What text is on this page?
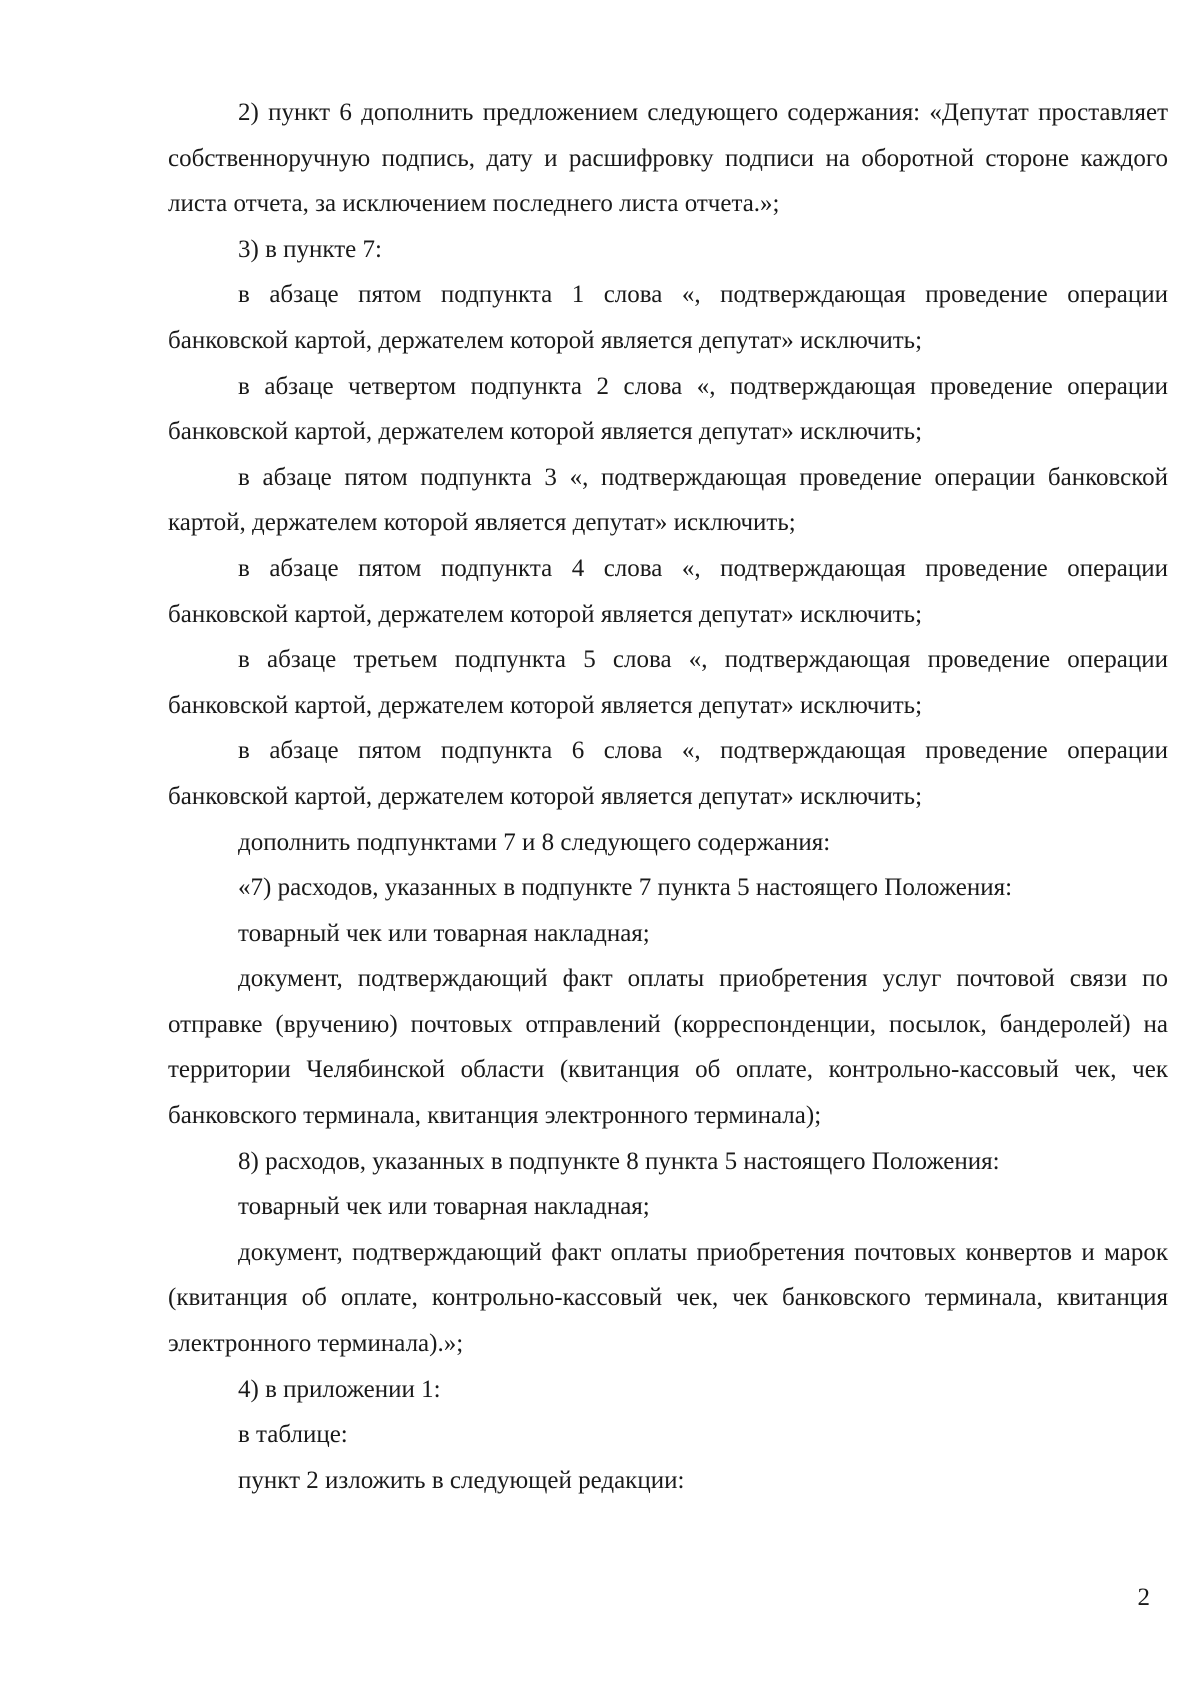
2) пункт 6 дополнить предложением следующего содержания: «Депутат проставляет собственноручную подпись, дату и расшифровку подписи на оборотной стороне каждого листа отчета, за исключением последнего листа отчета.»;

3) в пункте 7:

в абзаце пятом подпункта 1 слова «, подтверждающая проведение операции банковской картой, держателем которой является депутат» исключить;

в абзаце четвертом подпункта 2 слова «, подтверждающая проведение операции банковской картой, держателем которой является депутат» исключить;

в абзаце пятом подпункта 3 «, подтверждающая проведение операции банковской картой, держателем которой является депутат» исключить;

в абзаце пятом подпункта 4 слова «, подтверждающая проведение операции банковской картой, держателем которой является депутат» исключить;

в абзаце третьем подпункта 5 слова «, подтверждающая проведение операции банковской картой, держателем которой является депутат» исключить;

в абзаце пятом подпункта 6 слова «, подтверждающая проведение операции банковской картой, держателем которой является депутат» исключить;

дополнить подпунктами 7 и 8 следующего содержания:

«7) расходов, указанных в подпункте 7 пункта 5 настоящего Положения:

товарный чек или товарная накладная;

документ, подтверждающий факт оплаты приобретения услуг почтовой связи по отправке (вручению) почтовых отправлений (корреспонденции, посылок, бандеролей) на территории Челябинской области (квитанция об оплате, контрольно-кассовый чек, чек банковского терминала, квитанция электронного терминала);

8) расходов, указанных в подпункте 8 пункта 5 настоящего Положения:

товарный чек или товарная накладная;

документ, подтверждающий факт оплаты приобретения почтовых конвертов и марок (квитанция об оплате, контрольно-кассовый чек, чек банковского терминала, квитанция электронного терминала).»;

4) в приложении 1:

в таблице:

пункт 2 изложить в следующей редакции:

2
